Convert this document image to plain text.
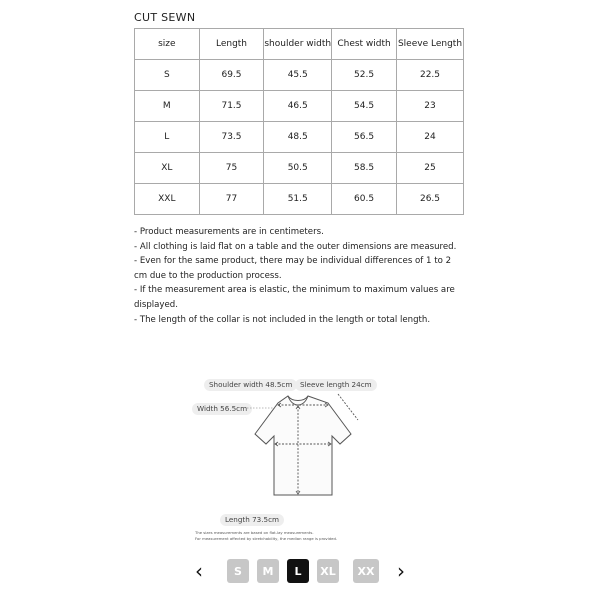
CUT SEWN
size	Length	shoulder width	Chest width	Sleeve Length
S	69.5	45.5	52.5	22.5
M	71.5	46.5	54.5	23
L	73.5	48.5	56.5	24
XL	75	50.5	58.5	25
XXL	77	51.5	60.5	26.5
- Product measurements are in centimeters.
- All clothing is laid flat on a table and the outer dimensions are measured.
- Even for the same product, there may be individual differences of 1 to 2
cm due to the production process.
- If the measurement area is elastic, the minimum to maximum values are
displayed.
- The length of the collar is not included in the length or total length.
Shoulder width 48.5cm	Sleeve length 24cm
Width 56.5cm
Length 73.5cm
The sizes measurements are based on flat-lay measurements.
For measurement affected by stretchability, the median range is provided.
‹	S	M	L	XL	XX ›
